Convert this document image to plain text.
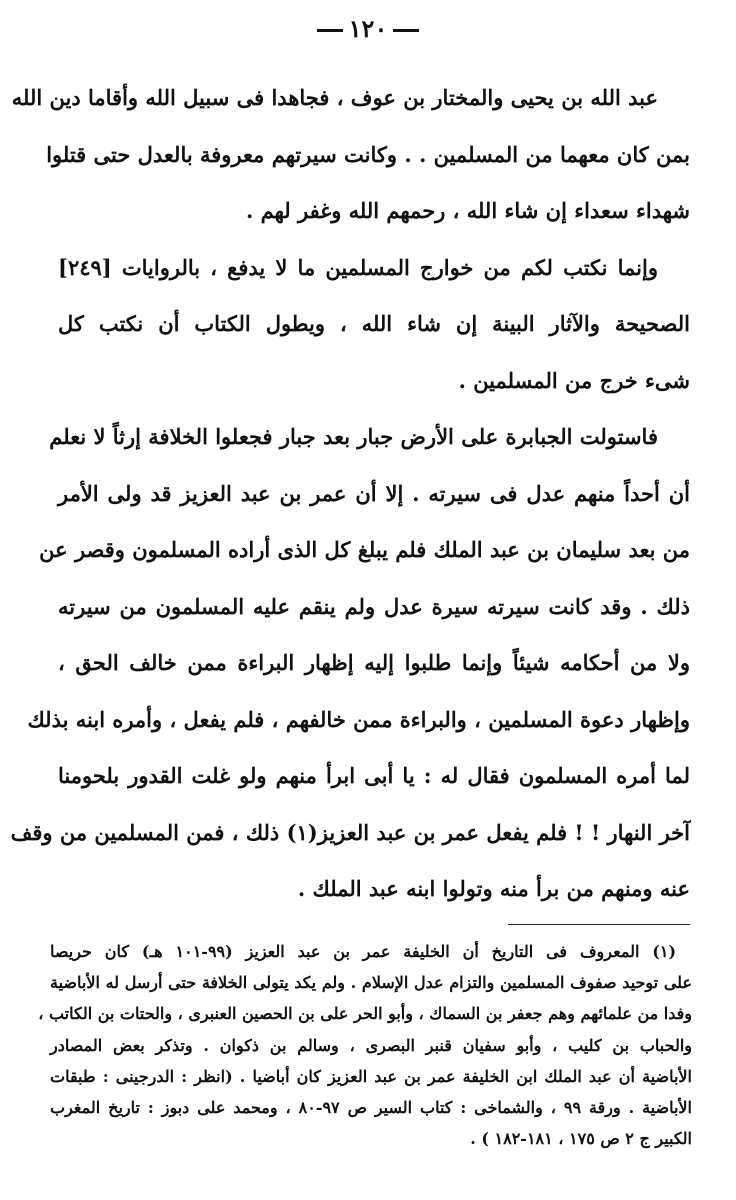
١٢٠
عبد الله بن يحيى والمختار بن عوف ، فجاهدا فى سبيل الله وأقاما دين الله
بمن كان معهما من المسلمين . . وكانت سيرتهم معروفة بالعدل حتى قتلوا
شهداء سعداء إن شاء الله ، رحمهم الله وغفر لهم .
وإنما نكتب لكم من خوارج المسلمين ما لا يدفع ، بالروايات [٢٤٩]
الصحيحة والآثار البينة إن شاء الله ، ويطول الكتاب أن نكتب كل
شىء خرج من المسلمين .
فاستولت الجبابرة على الأرض جبار بعد جبار فجعلوا الخلافة إرثاً لا نعلم
أن أحداً منهم عدل فى سيرته . إلا أن عمر بن عبد العزيز قد ولى الأمر
من بعد سليمان بن عبد الملك فلم يبلغ كل الذى أراده المسلمون وقصر عن
ذلك . وقد كانت سيرته سيرة عدل ولم ينقم عليه المسلمون من سيرته
ولا من أحكامه شيئاً وإنما طلبوا إليه إظهار البراءة ممن خالف الحق ،
وإظهار دعوة المسلمين ، والبراءة ممن خالفهم ، فلم يفعل ، وأمره ابنه بذلك
لما أمره المسلمون فقال له : يا أبى ابرأ منهم ولو غلت القدور بلحومنا
آخر النهار ! ! فلم يفعل عمر بن عبد العزيز(١) ذلك ، فمن المسلمين من وقف
عنه ومنهم من برأ منه وتولوا ابنه عبد الملك .
(١) المعروف فى التاريخ أن الخليفة عمر بن عبد العزيز (٩٩-١٠١ هـ) كان حريصا
على توحيد صفوف المسلمين والتزام عدل الإسلام . ولم يكد يتولى الخلافة حتى أرسل له الأباضية
وفدا من علمائهم وهم جعفر بن السماك ، وأبو الحر على بن الحصين العنبرى ، والحتات بن الكاتب ،
والحباب بن كليب ، وأبو سفيان قنبر البصرى ، وسالم بن ذكوان . وتذكر بعض المصادر
الأباضية أن عبد الملك ابن الخليفة عمر بن عبد العزيز كان أباضيا . (انظر : الدرجينى : طبقات
الأباضية . ورقة ٩٩ ، والشماخى : كتاب السير ص ٩٧-٨٠ ، ومحمد على دبوز : تاريخ المغرب
الكبير ج ٢ ص ١٧٥ ، ١٨١-١٨٢ ) .
